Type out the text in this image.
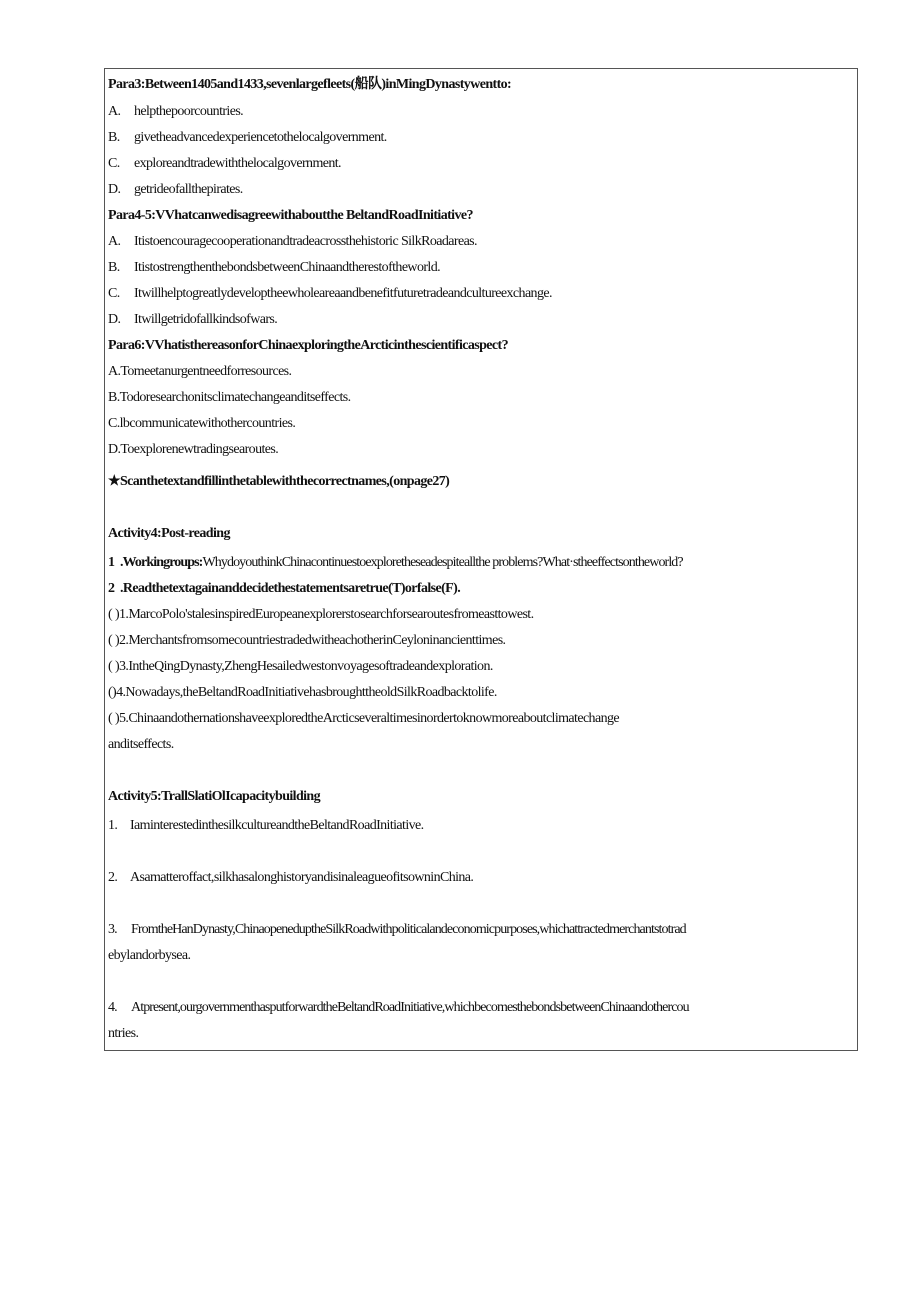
Para3:Between1405and1433,sevenlargefleets(船队)inMingDynastywentto:
A. helpthepoorcountries.
B. givetheadvancedexperiencetothelocalgovernment.
C. exploreandtradewiththelocalgovernment.
D. getrideofallthepirates.
Para4-5:VVhatcanwedisagreewithaboutthe BeltandRoadInitiative?
A. Itistoencouragecooperationandtradeacrossthehistoric SilkRoadareas.
B. ItistostrengthenthebondsbetweenChinaandtherestoftheworld.
C. Itwillhelptogreatlydeveloptheewholeareaandbenefitfuturetradeandcultureexchange.
D. Itwillgetridofallkindsofwars.
Para6:VVhatisthereasonforChinaexploringtheArcticinthescientificaspect?
A.Tomeetanurgentneedforresources.
B.Todoresearchonitsclimatechangeanditseffects.
C.lbcommunicatewithothercountries.
D.Toexplorenewtradingsearoutes.
★Scanthetextandfillinthetablewiththecorrectnames,(onpage27)
Activity4:Post-reading
1 .Workingroups:WhydoyouthinkChinacontinuestoexploretheseadespiteallthe problems?What·stheeffectsontheworld?
2 .Readthetextagainanddecidethestatementsaretrue(T)orfalse(F).
( )1.MarcoPolo'stalesinspiredEuropeanexplorerstosearchforsearoutesfromeasttowest.
( )2.MerchantsfromsomecountriestradedwitheachotherinCeyloninancienttimes.
( )3.IntheQingDynasty,ZhengHesailedwestonvoyagesoftradeandexploration.
()4.Nowadays,theBeltandRoadInitiativehasbroughttheoldSilkRoadbacktolife.
( )5.ChinaandothernationshaveexploredtheArcticseveraltimesinordertoknowmoreaboutclimatechange
anditseffects.
Activity5:TrallSlatiOlIcapacitybuilding
1. IaminterestedinthesilkcultureandtheBeltandRoadInitiative.
2. Asamatteroffact,silkhasalonghistoryandisinaleagueofitsowninChina.
3. FromtheHanDynasty,ChinaopeneduptheSilkRoadwithpoliticalandeconomicpurposes,whichattractedmerchantstotrad
ebylandorbysea.
4. Atpresent,ourgovernmenthasputforwardtheBeltandRoadInitiative,whichbecomesthebondsbetweenChinaandothercou
ntries.
